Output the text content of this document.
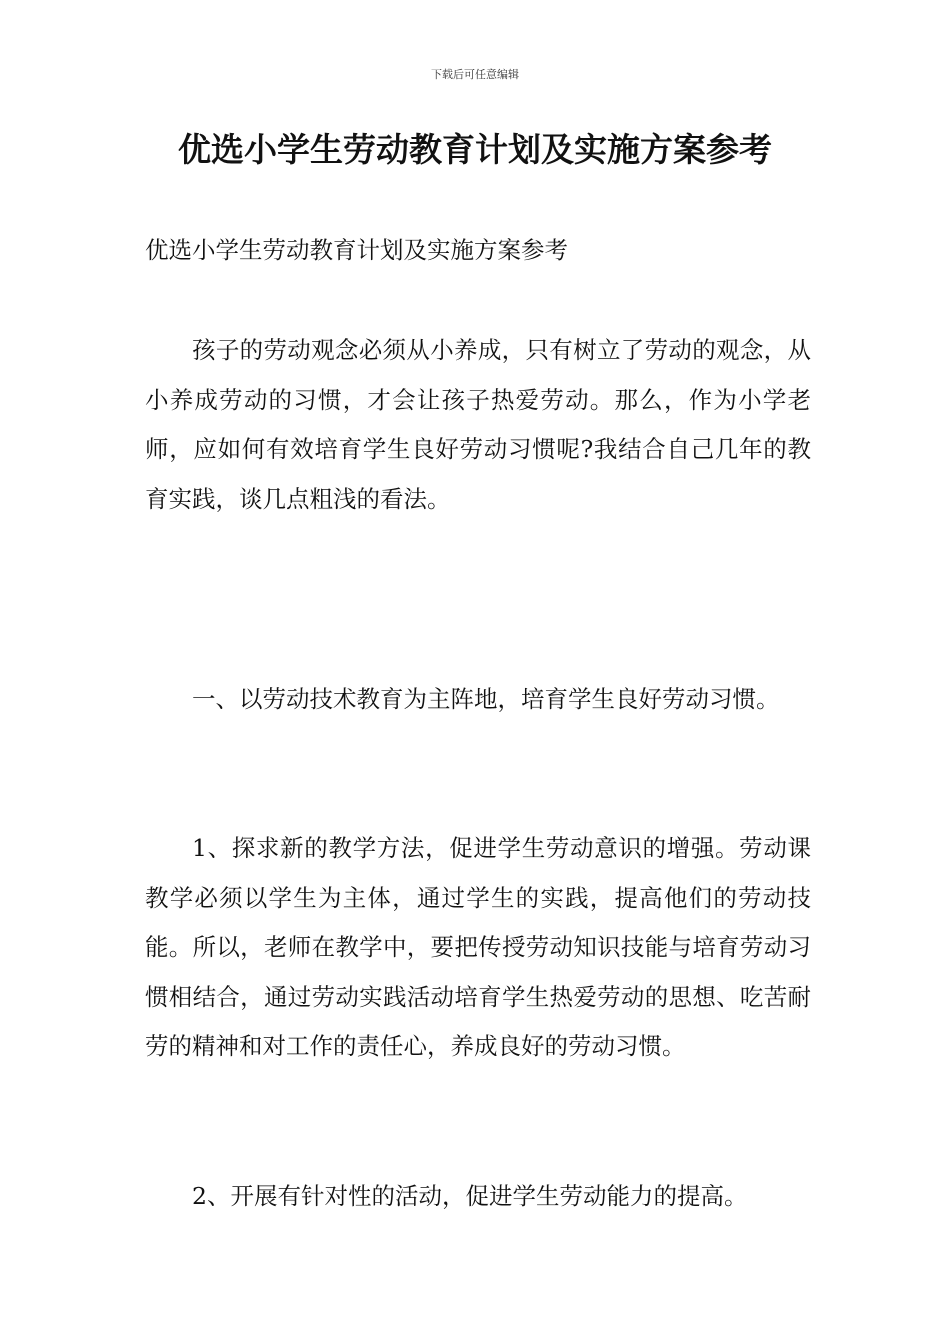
下载后可任意编辑
优选小学生劳动教育计划及实施方案参考

优选小学生劳动教育计划及实施方案参考

孩子的劳动观念必须从小养成，只有树立了劳动的观念，从小养成劳动的习惯，才会让孩子热爱劳动。那么，作为小学老师，应如何有效培育学生良好劳动习惯呢?我结合自己几年的教育实践，谈几点粗浅的看法。

一、以劳动技术教育为主阵地，培育学生良好劳动习惯。

1、探求新的教学方法，促进学生劳动意识的增强。劳动课教学必须以学生为主体，通过学生的实践，提高他们的劳动技能。所以，老师在教学中，要把传授劳动知识技能与培育劳动习惯相结合，通过劳动实践活动培育学生热爱劳动的思想、吃苦耐劳的精神和对工作的责任心，养成良好的劳动习惯。

2、开展有针对性的活动，促进学生劳动能力的提高。
